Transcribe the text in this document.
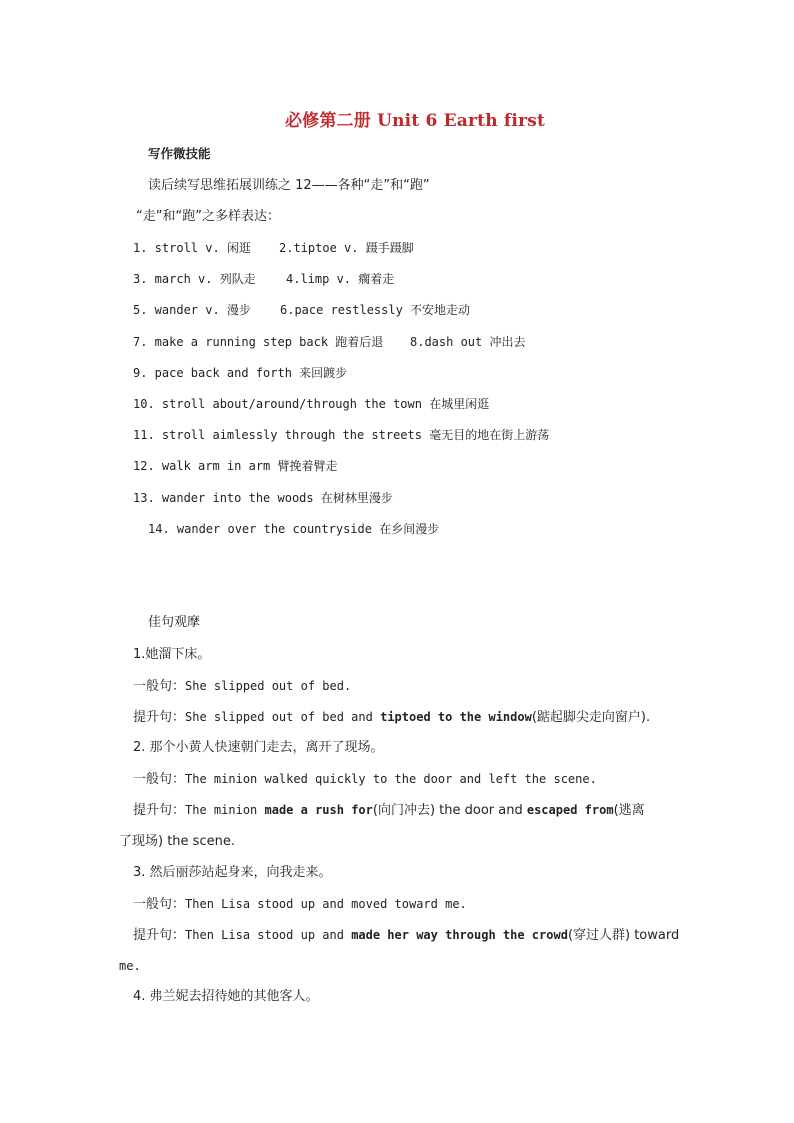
必修第二册 Unit 6 Earth first
写作微技能
读后续写思维拓展训练之 12——各种“走”和“跑”
“走”和“跑”之多样表达：
1. stroll v. 闲逛 2.tiptoe v. 蹑手蹑脚
3. march v. 列队走	4.limp v. 瘸着走
5. wander v. 漫步 6.pace restlessly 不安地走动
7. make a running step back 跑着后退 8.dash out 冲出去
9. pace back and forth 来回踱步
10. stroll about/around/through the town 在城里闲逛
11. stroll aimlessly through the streets 毫无目的地在街上游荡
12. walk arm in arm 臂挽着臂走
13. wander into the woods 在树林里漫步
14. wander over the countryside 在乡间漫步
佳句观摩
1.她溜下床。
一般句：She slipped out of bed.
提升句：She slipped out of bed and tiptoed to the window(踮起脚尖走向窗户).
2. 那个小黄人快速朝门走去，离开了现场。
一般句：The minion walked quickly to the door and left the scene.
提升句：The minion made a rush for(向门冲去) the door and escaped from(逃离
了现场) the scene.
3. 然后丽莎站起身来，向我走来。
一般句：Then Lisa stood up and moved toward me.
提升句：Then Lisa stood up and made her way through the crowd(穿过人群) toward
me.
4. 弗兰妮去招待她的其他客人。
